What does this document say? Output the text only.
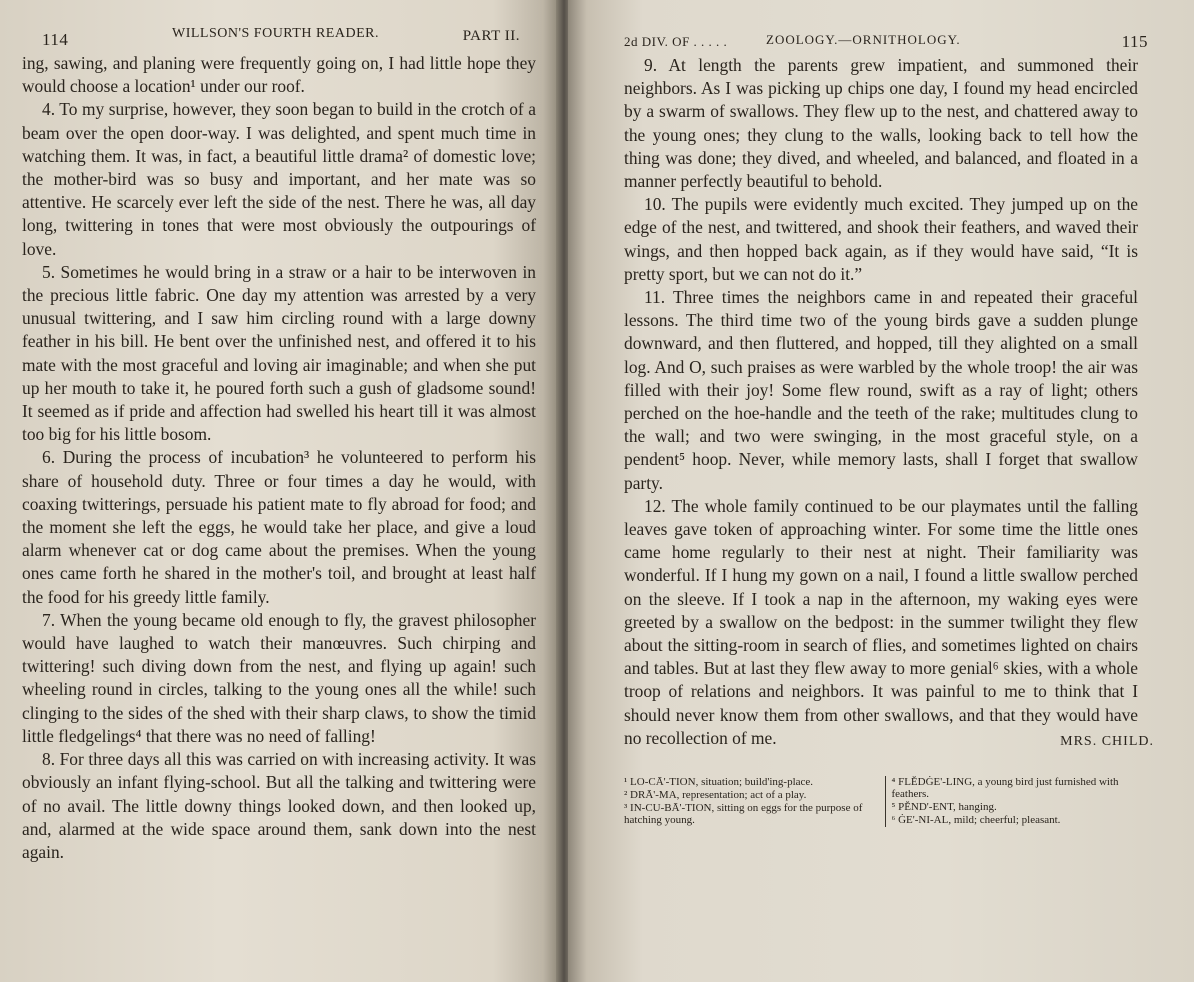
114	WILLSON'S FOURTH READER.	PART II.

ing, sawing, and planing were frequently going on, I had little hope they would choose a location¹ under our roof.

4. To my surprise, however, they soon began to build in the crotch of a beam over the open door-way. I was delighted, and spent much time in watching them. It was, in fact, a beautiful little drama² of domestic love; the mother-bird was so busy and important, and her mate was so attentive. He scarcely ever left the side of the nest. There he was, all day long, twittering in tones that were most obviously the outpourings of love.

5. Sometimes he would bring in a straw or a hair to be interwoven in the precious little fabric. One day my attention was arrested by a very unusual twittering, and I saw him circling round with a large downy feather in his bill. He bent over the unfinished nest, and offered it to his mate with the most graceful and loving air imaginable; and when she put up her mouth to take it, he poured forth such a gush of gladsome sound! It seemed as if pride and affection had swelled his heart till it was almost too big for his little bosom.

6. During the process of incubation³ he volunteered to perform his share of household duty. Three or four times a day he would, with coaxing twitterings, persuade his patient mate to fly abroad for food; and the moment she left the eggs, he would take her place, and give a loud alarm whenever cat or dog came about the premises. When the young ones came forth he shared in the mother's toil, and brought at least half the food for his greedy little family.

7. When the young became old enough to fly, the gravest philosopher would have laughed to watch their manœuvres. Such chirping and twittering! such diving down from the nest, and flying up again! such wheeling round in circles, talking to the young ones all the while! such clinging to the sides of the shed with their sharp claws, to show the timid little fledgelings⁴ that there was no need of falling!

8. For three days all this was carried on with increasing activity. It was obviously an infant flying-school. But all the talking and twittering were of no avail. The little downy things looked down, and then looked up, and, alarmed at the wide space around them, sank down into the nest again.

2d DIV. OF . . . . .	ZOOLOGY.—ORNITHOLOGY.	115

9. At length the parents grew impatient, and summoned their neighbors. As I was picking up chips one day, I found my head encircled by a swarm of swallows. They flew up to the nest, and chattered away to the young ones; they clung to the walls, looking back to tell how the thing was done; they dived, and wheeled, and balanced, and floated in a manner perfectly beautiful to behold.

10. The pupils were evidently much excited. They jumped up on the edge of the nest, and twittered, and shook their feathers, and waved their wings, and then hopped back again, as if they would have said, “It is pretty sport, but we can not do it.”

11. Three times the neighbors came in and repeated their graceful lessons. The third time two of the young birds gave a sudden plunge downward, and then fluttered, and hopped, till they alighted on a small log. And O, such praises as were warbled by the whole troop! the air was filled with their joy! Some flew round, swift as a ray of light; others perched on the hoe-handle and the teeth of the rake; multitudes clung to the wall; and two were swinging, in the most graceful style, on a pendent⁵ hoop. Never, while memory lasts, shall I forget that swallow party.

12. The whole family continued to be our playmates until the falling leaves gave token of approaching winter. For some time the little ones came home regularly to their nest at night. Their familiarity was wonderful. If I hung my gown on a nail, I found a little swallow perched on the sleeve. If I took a nap in the afternoon, my waking eyes were greeted by a swallow on the bedpost: in the summer twilight they flew about the sitting-room in search of flies, and sometimes lighted on chairs and tables. But at last they flew away to more genial⁶ skies, with a whole troop of relations and neighbors. It was painful to me to think that I should never know them from other swallows, and that they would have no recollection of me.	MRS. CHILD.

¹ LO-CĀ'-TION, situation; build'ing-place.

² DRĀ'-MA, representation; act of a play.

³ IN-CU-BĀ'-TION, sitting on eggs for the purpose of hatching young.

⁴ FLĔDĠE'-LING, a young bird just furnished with feathers.

⁵ PĔND'-ENT, hanging.

⁶ ĠE'-NI-AL, mild; cheerful; pleasant.
